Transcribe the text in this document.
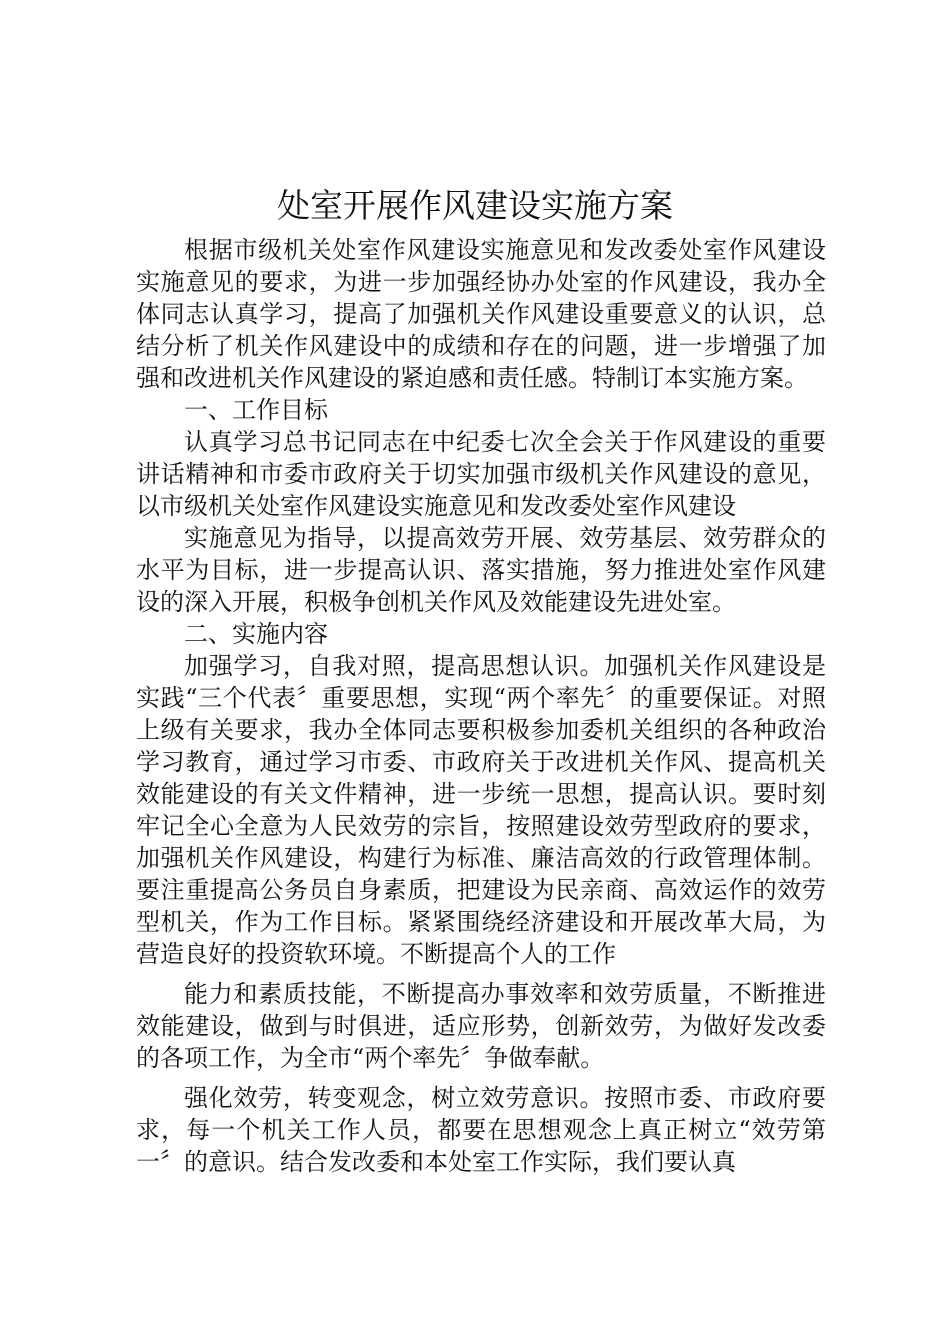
处室开展作风建设实施方案

根据市级机关处室作风建设实施意见和发改委处室作风建设实施意见的要求，为进一步加强经协办处室的作风建设，我办全体同志认真学习，提高了加强机关作风建设重要意义的认识，总结分析了机关作风建设中的成绩和存在的问题，进一步增强了加强和改进机关作风建设的紧迫感和责任感。特制订本实施方案。

一、工作目标

认真学习总书记同志在中纪委七次全会关于作风建设的重要讲话精神和市委市政府关于切实加强市级机关作风建设的意见，以市级机关处室作风建设实施意见和发改委处室作风建设

实施意见为指导，以提高效劳开展、效劳基层、效劳群众的水平为目标，进一步提高认识、落实措施，努力推进处室作风建设的深入开展，积极争创机关作风及效能建设先进处室。

二、实施内容

加强学习，自我对照，提高思想认识。加强机关作风建设是实践“三个代表〞重要思想，实现“两个率先〞的重要保证。对照上级有关要求，我办全体同志要积极参加委机关组织的各种政治学习教育，通过学习市委、市政府关于改进机关作风、提高机关效能建设的有关文件精神，进一步统一思想，提高认识。要时刻牢记全心全意为人民效劳的宗旨，按照建设效劳型政府的要求，加强机关作风建设，构建行为标准、廉洁高效的行政管理体制。要注重提高公务员自身素质，把建设为民亲商、高效运作的效劳型机关，作为工作目标。紧紧围绕经济建设和开展改革大局，为营造良好的投资软环境。不断提高个人的工作

能力和素质技能，不断提高办事效率和效劳质量，不断推进效能建设，做到与时俱进，适应形势，创新效劳，为做好发改委的各项工作，为全市“两个率先〞争做奉献。

强化效劳，转变观念，树立效劳意识。按照市委、市政府要求，每一个机关工作人员，都要在思想观念上真正树立“效劳第一〞的意识。结合发改委和本处室工作实际，我们要认真
